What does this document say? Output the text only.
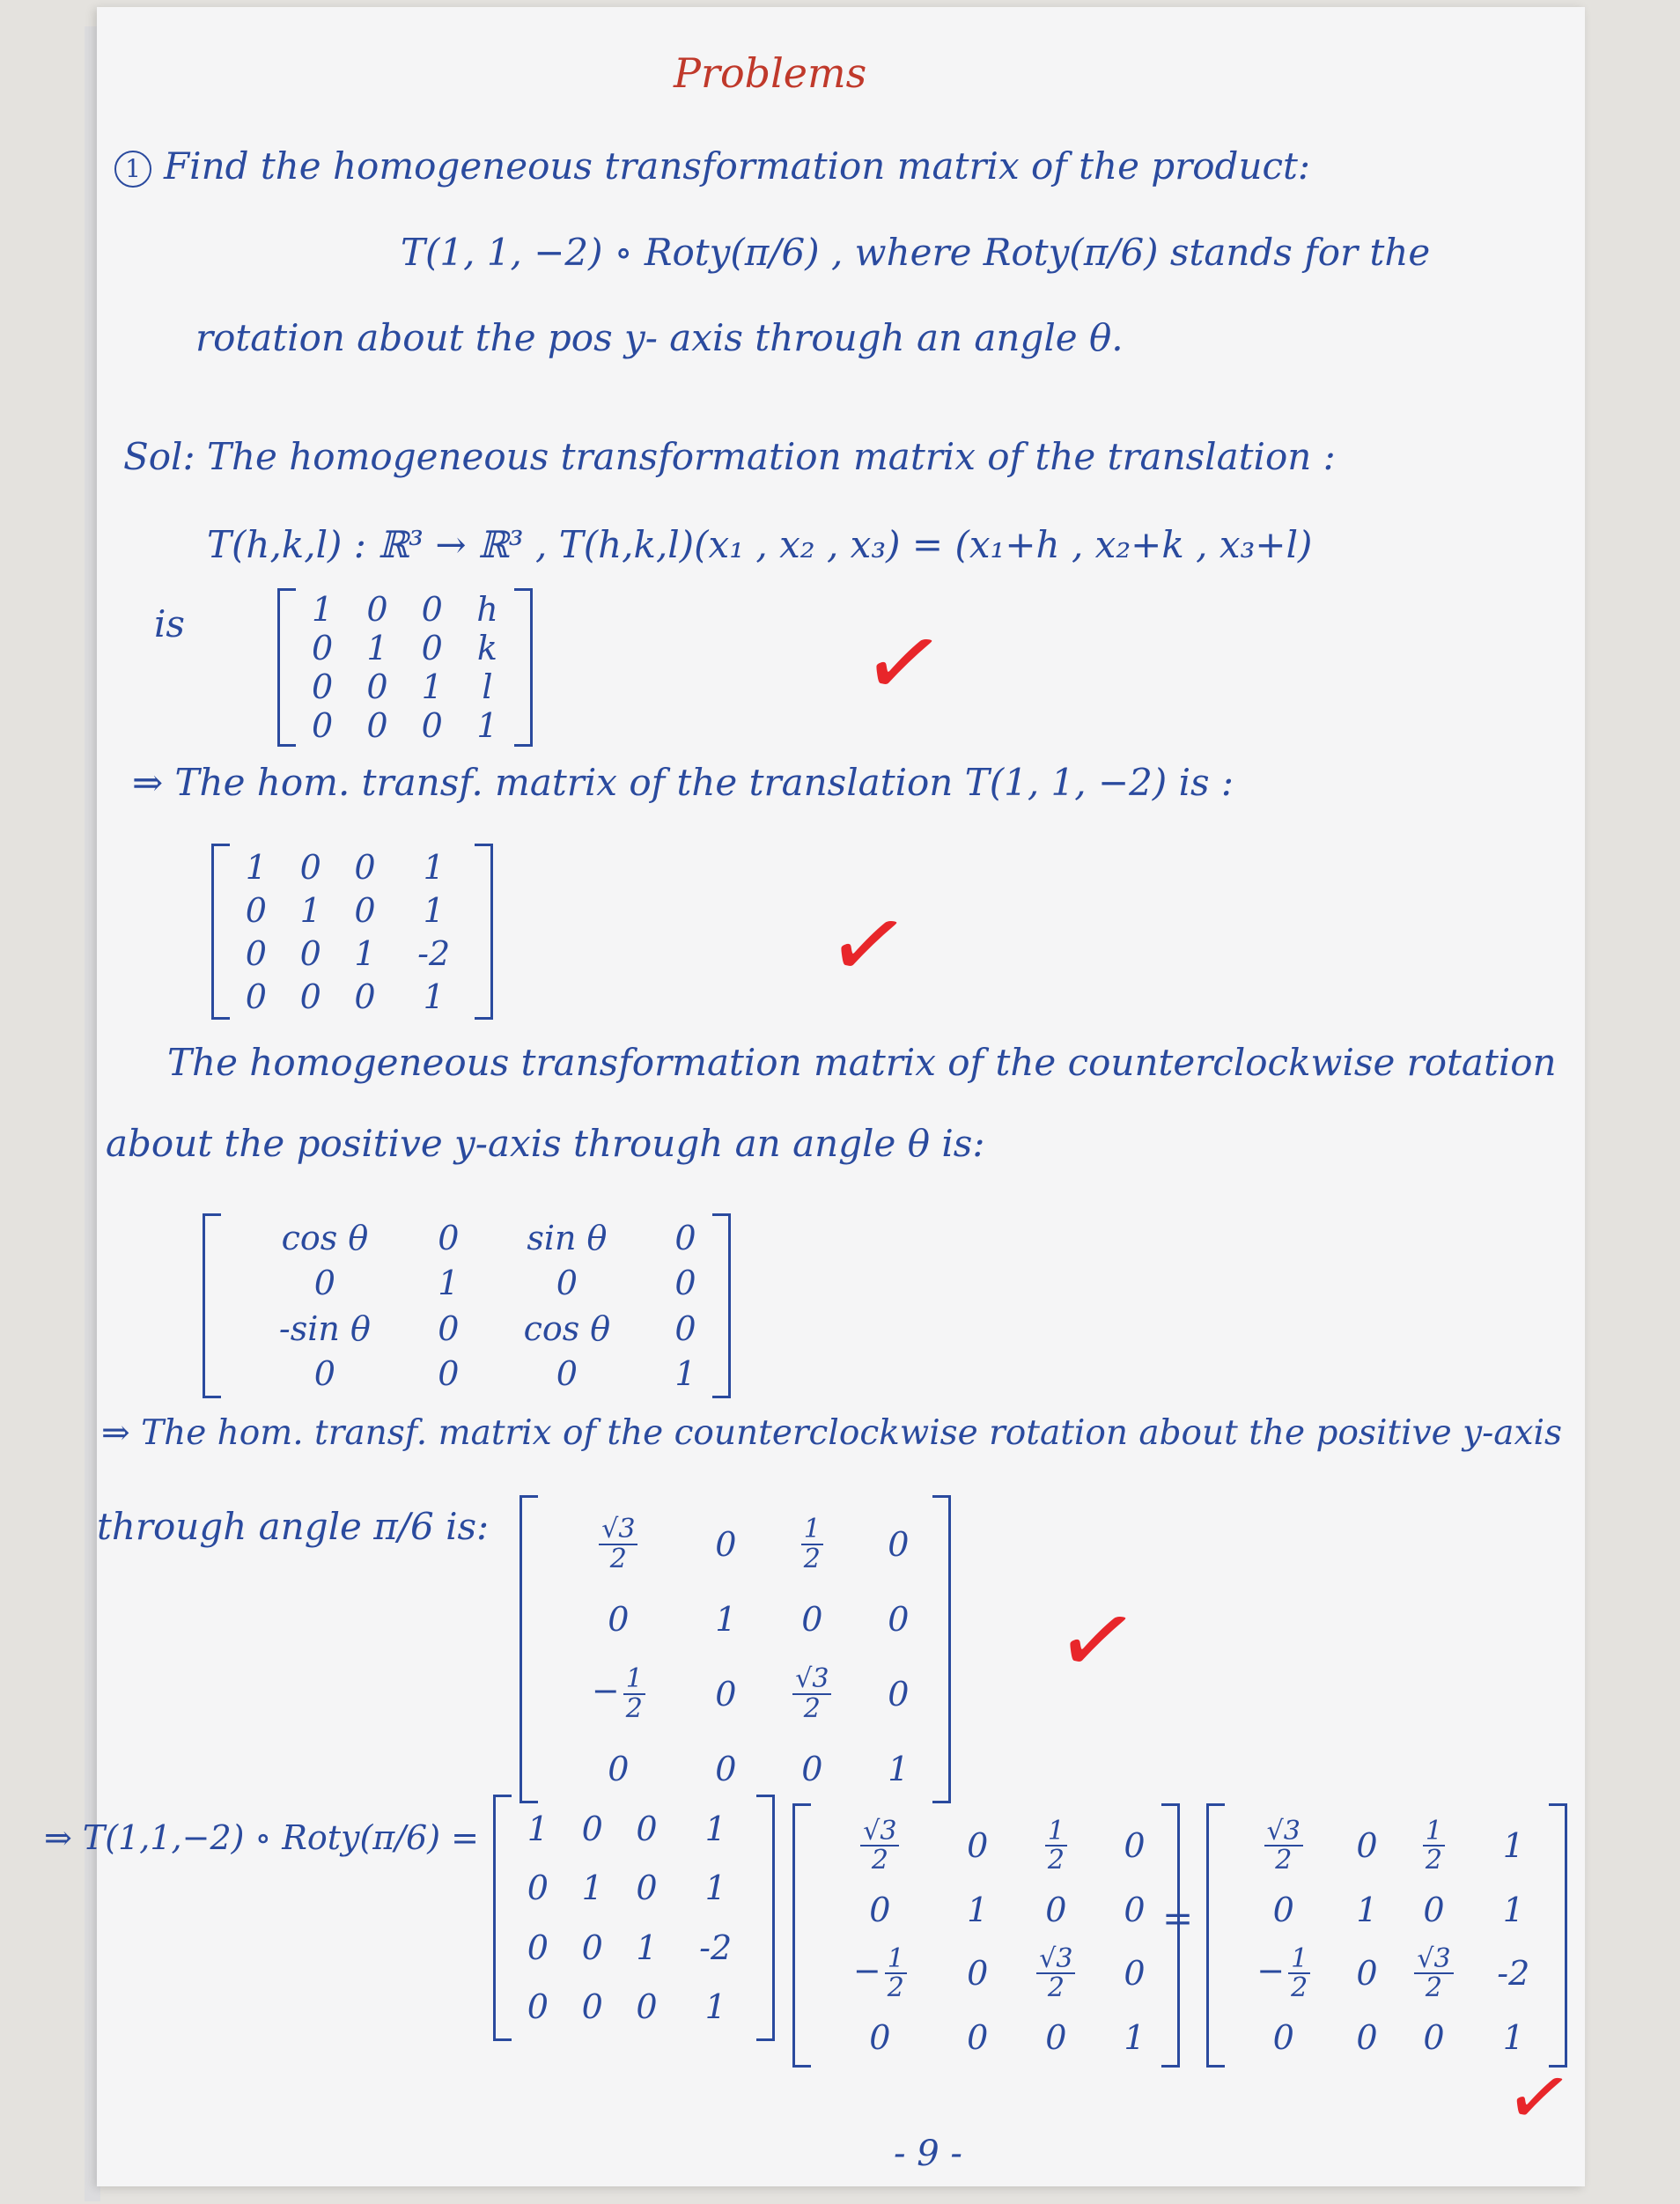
Problems
1 Find the homogeneous transformation matrix of the product:
T(1, 1, −2) ∘ Roty(π/6) , where Roty(π/6) stands for the
rotation about the pos y- axis through an angle θ.
Sol: The homogeneous transformation matrix of the translation :
T(h,k,l) : ℝ³ → ℝ³ , T(h,k,l)(x₁ , x₂ , x₃) = (x₁+h , x₂+k , x₃+l)
is	1	0	0	h
0	1	0	k
0	0	1	l
0	0	0	1	✓
⇒ The hom. transf. matrix of the translation T(1, 1, −2) is :
1	0	0	1
0	1	0	1
0	0	1	-2
0	0	0	1	✓
The homogeneous transformation matrix of the counterclockwise rotation
about the positive y-axis through an angle θ is:
cos θ	0	sin θ	0
0	1	0	0
-sin θ	0	cos θ	0
0	0	0	1
⇒ The hom. transf. matrix of the counterclockwise rotation about the positive y-axis
through angle π/6 is:	$\frac{√3}{2}$	0	$\frac{1}{2}$	0
0	1	0	0
− $\frac{1}{2}$	0	$\frac{√3}{2}$	0
0	0	0	1
✓
⇒ T(1,1,−2) ∘ Roty(π/6) = 1	0	0	1
0	1	0	1
0	0	1	-2
0	0	0	1
$\frac{√3}{2}$	0	$\frac{1}{2}$	0
0	1	0	0
− $\frac{1}{2}$	0	$\frac{√3}{2}$	0
0	0	0	1
=
$\frac{√3}{2}$	0	$\frac{1}{2}$	1
0	1	0	1
− $\frac{1}{2}$	0	$\frac{√3}{2}$	-2
0	0	0	1
✓
- 9 -
